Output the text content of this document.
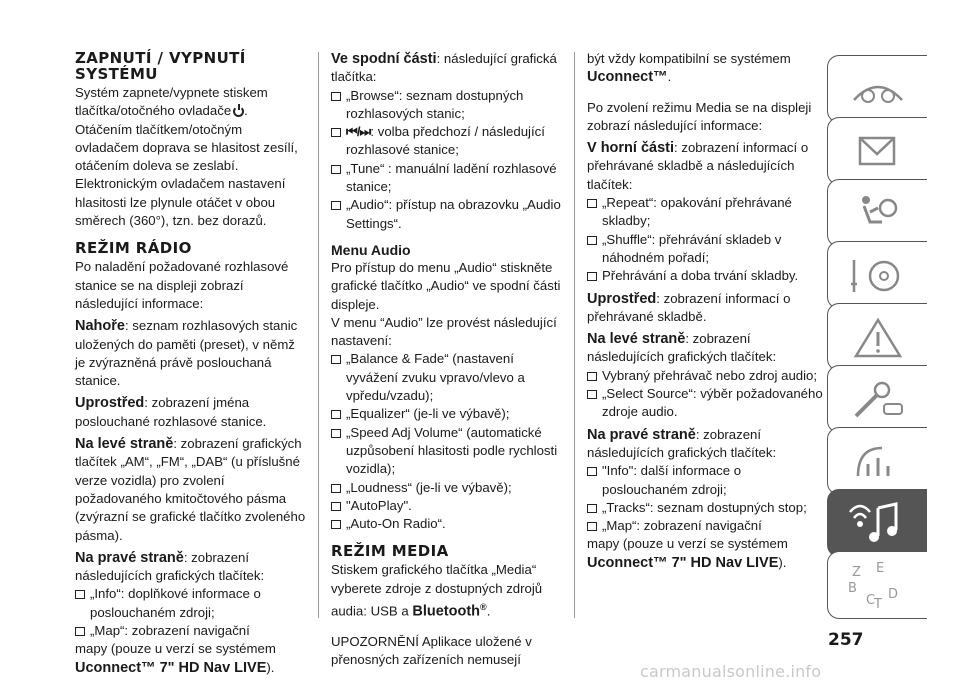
ZAPNUTÍ / VYPNUTÍ SYSTÉMU

Systém zapnete/vypnete stiskem tlačítka/otočného ovladače .

Otáčením tlačítkem/otočným ovladačem doprava se hlasitost zesílí, otáčením doleva se zeslabí. Elektronickým ovladačem nastavení hlasitosti lze plynule otáčet v obou směrech (360°), tzn. bez dorazů.

REŽIM RÁDIO

Po naladění požadované rozhlasové stanice se na displeji zobrazí následující informace:

Nahoře: seznam rozhlasových stanic uložených do paměti (preset), v němž je zvýrazněná právě poslouchaná stanice.

Uprostřed: zobrazení jména poslouchané rozhlasové stanice.

Na levé straně: zobrazení grafických tlačítek „AM“, „FM“, „DAB“ (u příslušné verze vozidla) pro zvolení požadovaného kmitočtového pásma (zvýrazní se grafické tlačítko zvoleného pásma).

Na pravé straně: zobrazení následujících grafických tlačítek:

„Info“: doplňkové informace o poslouchaném zdroji;
„Map“: zobrazení navigační

mapy (pouze u verzí se systémem

Uconnect™ 7" HD Nav LIVE).

Ve spodní části: následující grafická tlačítka:

„Browse“: seznam dostupných rozhlasových stanic;
⏮/⏭: volba předchozí / následující rozhlasové stanice;
„Tune“ : manuální ladění rozhlasové stanice;
„Audio“: přístup na obrazovku „Audio Settings“.
Menu Audio

Pro přístup do menu „Audio“ stiskněte grafické tlačítko „Audio“ ve spodní části displeje.

V menu “Audio” lze provést následující nastavení:

„Balance & Fade“ (nastavení vyvážení zvuku vpravo/vlevo a vpředu/vzadu);
„Equalizer“ (je-li ve výbavě);
„Speed Adj Volume“ (automatické uzpůsobení hlasitosti podle rychlosti vozidla);
„Loudness“ (je-li ve výbavě);
"AutoPlay".
„Auto-On Radio“.
REŽIM MEDIA

Stiskem grafického tlačítka „Media“ vyberete zdroje z dostupných zdrojů audia: USB a Bluetooth®.

UPOZORNĚNÍ Aplikace uložené v přenosných zařízeních nemusejí

být vždy kompatibilní se systémem

Uconnect™.

Po zvolení režimu Media se na displeji zobrazí následující informace:

V horní části: zobrazení informací o přehrávané skladbě a následujících tlačítek:

„Repeat“: opakování přehrávané skladby;
„Shuffle“: přehrávání skladeb v náhodném pořadí;
Přehrávání a doba trvání skladby.

Uprostřed: zobrazení informací o přehrávané skladbě.

Na levé straně: zobrazení následujících grafických tlačítek:

Vybraný přehrávač nebo zdroj audio;
„Select Source“: výběr požadovaného zdroje audio.

Na pravé straně: zobrazení následujících grafických tlačítek:

"Info": další informace o poslouchaném zdroji;
„Tracks“: seznam dostupných stop;
„Map“: zobrazení navigační

mapy (pouze u verzí se systémem

Uconnect™ 7" HD Nav LIVE).

Z E
B
C
T
D
257
carmanualsonline.info
